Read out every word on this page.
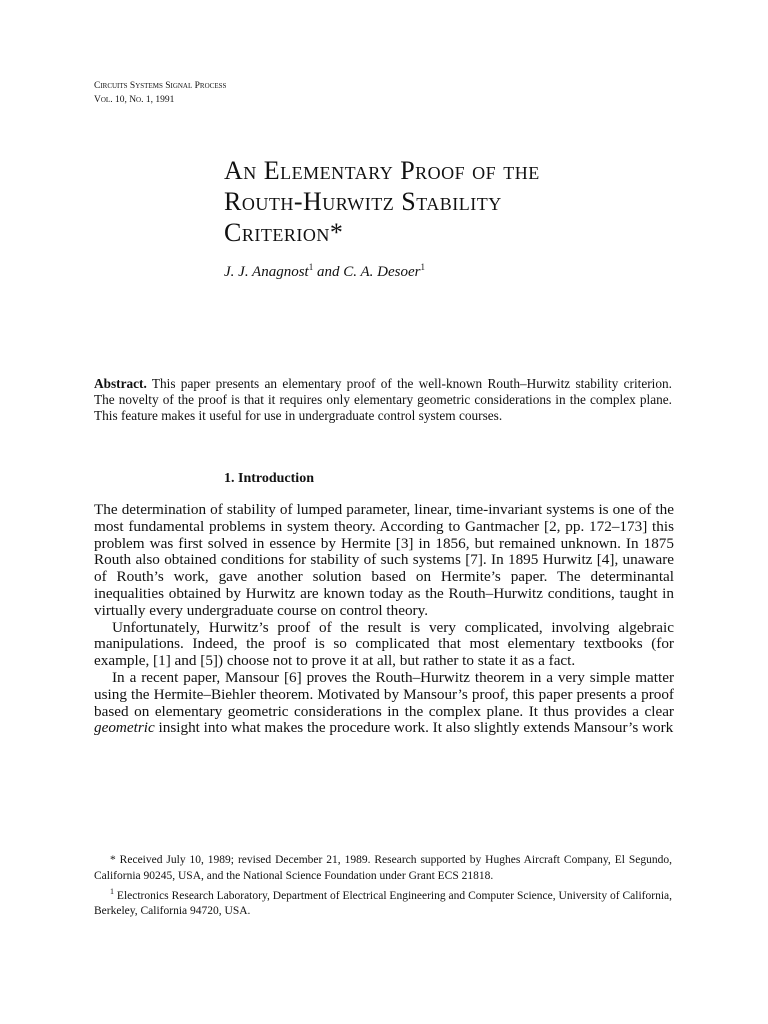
Circuits Systems Signal Process
Vol. 10, No. 1, 1991
An Elementary Proof of the
Routh-Hurwitz Stability
Criterion*
J. J. Anagnost$^1$ and C. A. Desoer$^1$
Abstract. This paper presents an elementary proof of the well-known Routh–Hurwitz stability criterion. The novelty of the proof is that it requires only elementary geometric considerations in the complex plane. This feature makes it useful for use in undergraduate control system courses.
1. Introduction

The determination of stability of lumped parameter, linear, time-invariant systems is one of the most fundamental problems in system theory. According to Gantmacher [2, pp. 172–173] this problem was first solved in essence by Hermite [3] in 1856, but remained unknown. In 1875 Routh also obtained conditions for stability of such systems [7]. In 1895 Hurwitz [4], unaware of Routh’s work, gave another solution based on Hermite’s paper. The determinantal inequalities obtained by Hurwitz are known today as the Routh–Hurwitz conditions, taught in virtually every undergraduate course on control theory.

Unfortunately, Hurwitz’s proof of the result is very complicated, involving algebraic manipulations. Indeed, the proof is so complicated that most elementary textbooks (for example, [1] and [5]) choose not to prove it at all, but rather to state it as a fact.

In a recent paper, Mansour [6] proves the Routh–Hurwitz theorem in a very simple matter using the Hermite–Biehler theorem. Motivated by Mansour’s proof, this paper presents a proof based on elementary geometric considerations in the complex plane. It thus provides a clear geometric insight into what makes the procedure work. It also slightly extends Mansour’s work

* Received July 10, 1989; revised December 21, 1989. Research supported by Hughes Aircraft Company, El Segundo, California 90245, USA, and the National Science Foundation under Grant ECS 21818.

$^1$ Electronics Research Laboratory, Department of Electrical Engineering and Computer Science, University of California, Berkeley, California 94720, USA.
